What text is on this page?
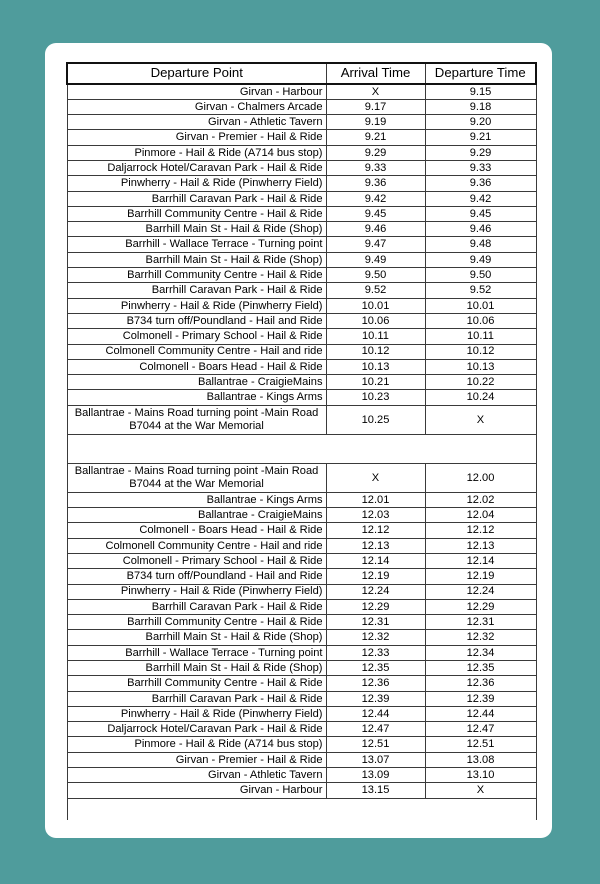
Departure Point	Arrival Time	Departure Time
Girvan - Harbour	X	9.15
Girvan - Chalmers Arcade	9.17	9.18
Girvan - Athletic Tavern	9.19	9.20
Girvan - Premier - Hail & Ride	9.21	9.21
Pinmore - Hail & Ride (A714 bus stop)	9.29	9.29
Daljarrock Hotel/Caravan Park - Hail & Ride	9.33	9.33
Pinwherry - Hail & Ride (Pinwherry Field)	9.36	9.36
Barrhill Caravan Park - Hail & Ride	9.42	9.42
Barrhill Community Centre - Hail & Ride	9.45	9.45
Barrhill Main St - Hail & Ride (Shop)	9.46	9.46
Barrhill - Wallace Terrace - Turning point	9.47	9.48
Barrhill Main St - Hail & Ride (Shop)	9.49	9.49
Barrhill Community Centre - Hail & Ride	9.50	9.50
Barrhill Caravan Park - Hail & Ride	9.52	9.52
Pinwherry - Hail & Ride (Pinwherry Field)	10.01	10.01
B734 turn off/Poundland - Hail and Ride	10.06	10.06
Colmonell - Primary School - Hail & Ride	10.11	10.11
Colmonell Community Centre - Hail and ride	10.12	10.12
Colmonell - Boars Head - Hail & Ride	10.13	10.13
Ballantrae - CraigieMains	10.21	10.22
Ballantrae - Kings Arms	10.23	10.24
Ballantrae - Mains Road turning point -Main Road B7044 at the War Memorial	10.25	X

Ballantrae - Mains Road turning point -Main Road B7044 at the War Memorial	X	12.00
Ballantrae - Kings Arms	12.01	12.02
Ballantrae - CraigieMains	12.03	12.04
Colmonell - Boars Head - Hail & Ride	12.12	12.12
Colmonell Community Centre - Hail and ride	12.13	12.13
Colmonell - Primary School - Hail & Ride	12.14	12.14
B734 turn off/Poundland - Hail and Ride	12.19	12.19
Pinwherry - Hail & Ride (Pinwherry Field)	12.24	12.24
Barrhill Caravan Park - Hail & Ride	12.29	12.29
Barrhill Community Centre - Hail & Ride	12.31	12.31
Barrhill Main St - Hail & Ride (Shop)	12.32	12.32
Barrhill - Wallace Terrace - Turning point	12.33	12.34
Barrhill Main St - Hail & Ride (Shop)	12.35	12.35
Barrhill Community Centre - Hail & Ride	12.36	12.36
Barrhill Caravan Park - Hail & Ride	12.39	12.39
Pinwherry - Hail & Ride (Pinwherry Field)	12.44	12.44
Daljarrock Hotel/Caravan Park - Hail & Ride	12.47	12.47
Pinmore - Hail & Ride (A714 bus stop)	12.51	12.51
Girvan - Premier - Hail & Ride	13.07	13.08
Girvan - Athletic Tavern	13.09	13.10
Girvan - Harbour	13.15	X
